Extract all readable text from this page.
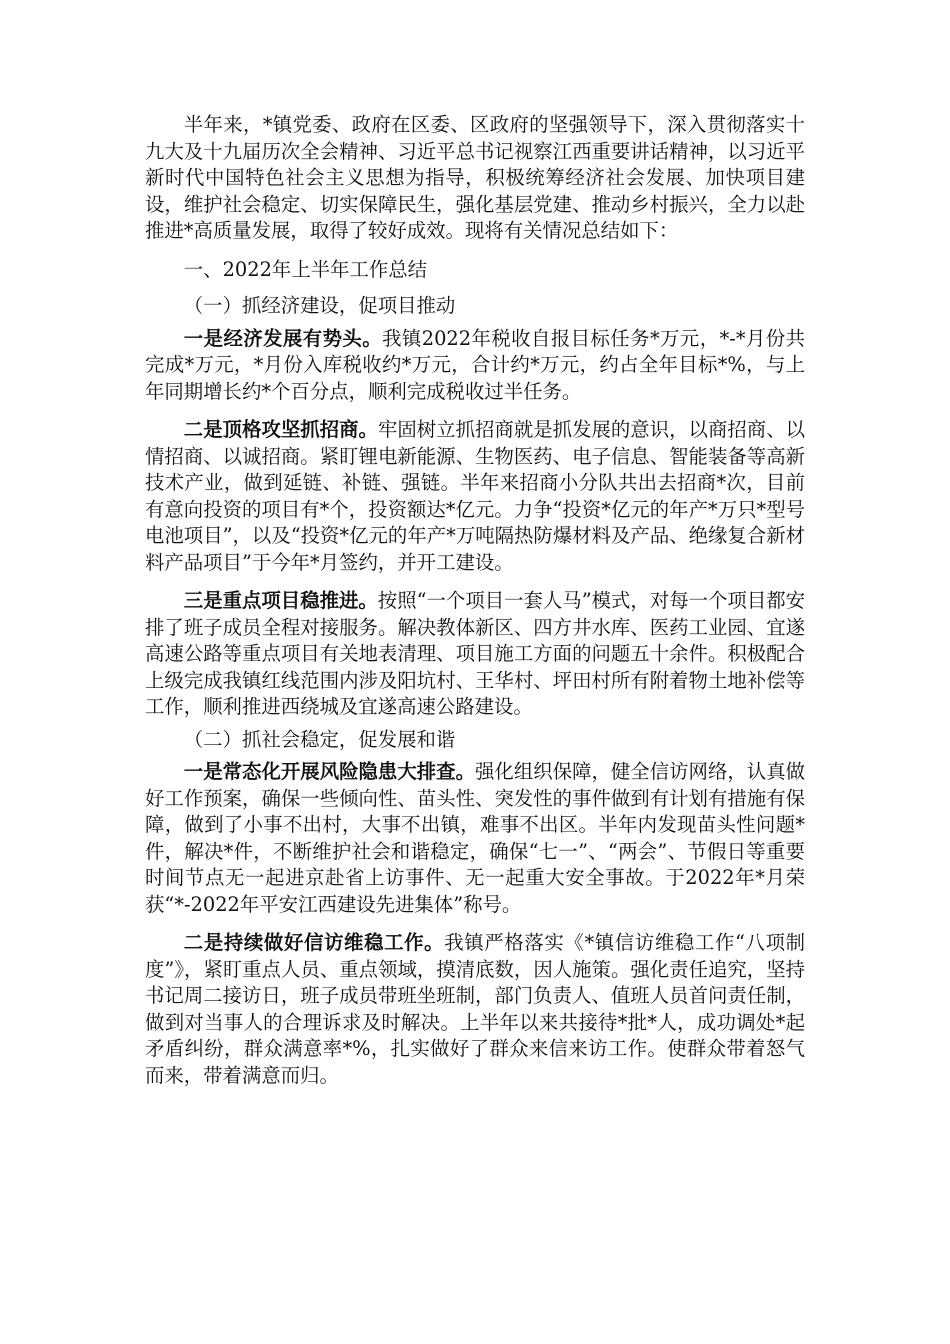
半年来，*镇党委、政府在区委、区政府的坚强领导下，深入贯彻落实十九大及十九届历次全会精神、习近平总书记视察江西重要讲话精神，以习近平新时代中国特色社会主义思想为指导，积极统筹经济社会发展、加快项目建设，维护社会稳定、切实保障民生，强化基层党建、推动乡村振兴，全力以赴推进*高质量发展，取得了较好成效。现将有关情况总结如下：

一、2022年上半年工作总结

（一）抓经济建设，促项目推动

一是经济发展有势头。我镇2022年税收自报目标任务*万元，*-*月份共完成*万元，*月份入库税收约*万元，合计约*万元，约占全年目标*%，与上年同期增长约*个百分点，顺利完成税收过半任务。

二是顶格攻坚抓招商。牢固树立抓招商就是抓发展的意识，以商招商、以情招商、以诚招商。紧盯锂电新能源、生物医药、电子信息、智能装备等高新技术产业，做到延链、补链、强链。半年来招商小分队共出去招商*次，目前有意向投资的项目有*个，投资额达*亿元。力争“投资*亿元的年产*万只*型号电池项目”，以及“投资*亿元的年产*万吨隔热防爆材料及产品、绝缘复合新材料产品项目”于今年*月签约，并开工建设。

三是重点项目稳推进。按照“一个项目一套人马”模式，对每一个项目都安排了班子成员全程对接服务。解决教体新区、四方井水库、医药工业园、宜遂高速公路等重点项目有关地表清理、项目施工方面的问题五十余件。积极配合上级完成我镇红线范围内涉及阳坑村、王华村、坪田村所有附着物土地补偿等工作，顺利推进西绕城及宜遂高速公路建设。

（二）抓社会稳定，促发展和谐

一是常态化开展风险隐患大排查。强化组织保障，健全信访网络，认真做好工作预案，确保一些倾向性、苗头性、突发性的事件做到有计划有措施有保障，做到了小事不出村，大事不出镇，难事不出区。半年内发现苗头性问题*件，解决*件，不断维护社会和谐稳定，确保“七一”、“两会”、节假日等重要时间节点无一起进京赴省上访事件、无一起重大安全事故。于2022年*月荣获“*-2022年平安江西建设先进集体”称号。

二是持续做好信访维稳工作。我镇严格落实《*镇信访维稳工作“八项制度”》，紧盯重点人员、重点领域，摸清底数，因人施策。强化责任追究，坚持书记周二接访日，班子成员带班坐班制，部门负责人、值班人员首问责任制，做到对当事人的合理诉求及时解决。上半年以来共接待*批*人，成功调处*起矛盾纠纷，群众满意率*%，扎实做好了群众来信来访工作。使群众带着怒气而来，带着满意而归。
